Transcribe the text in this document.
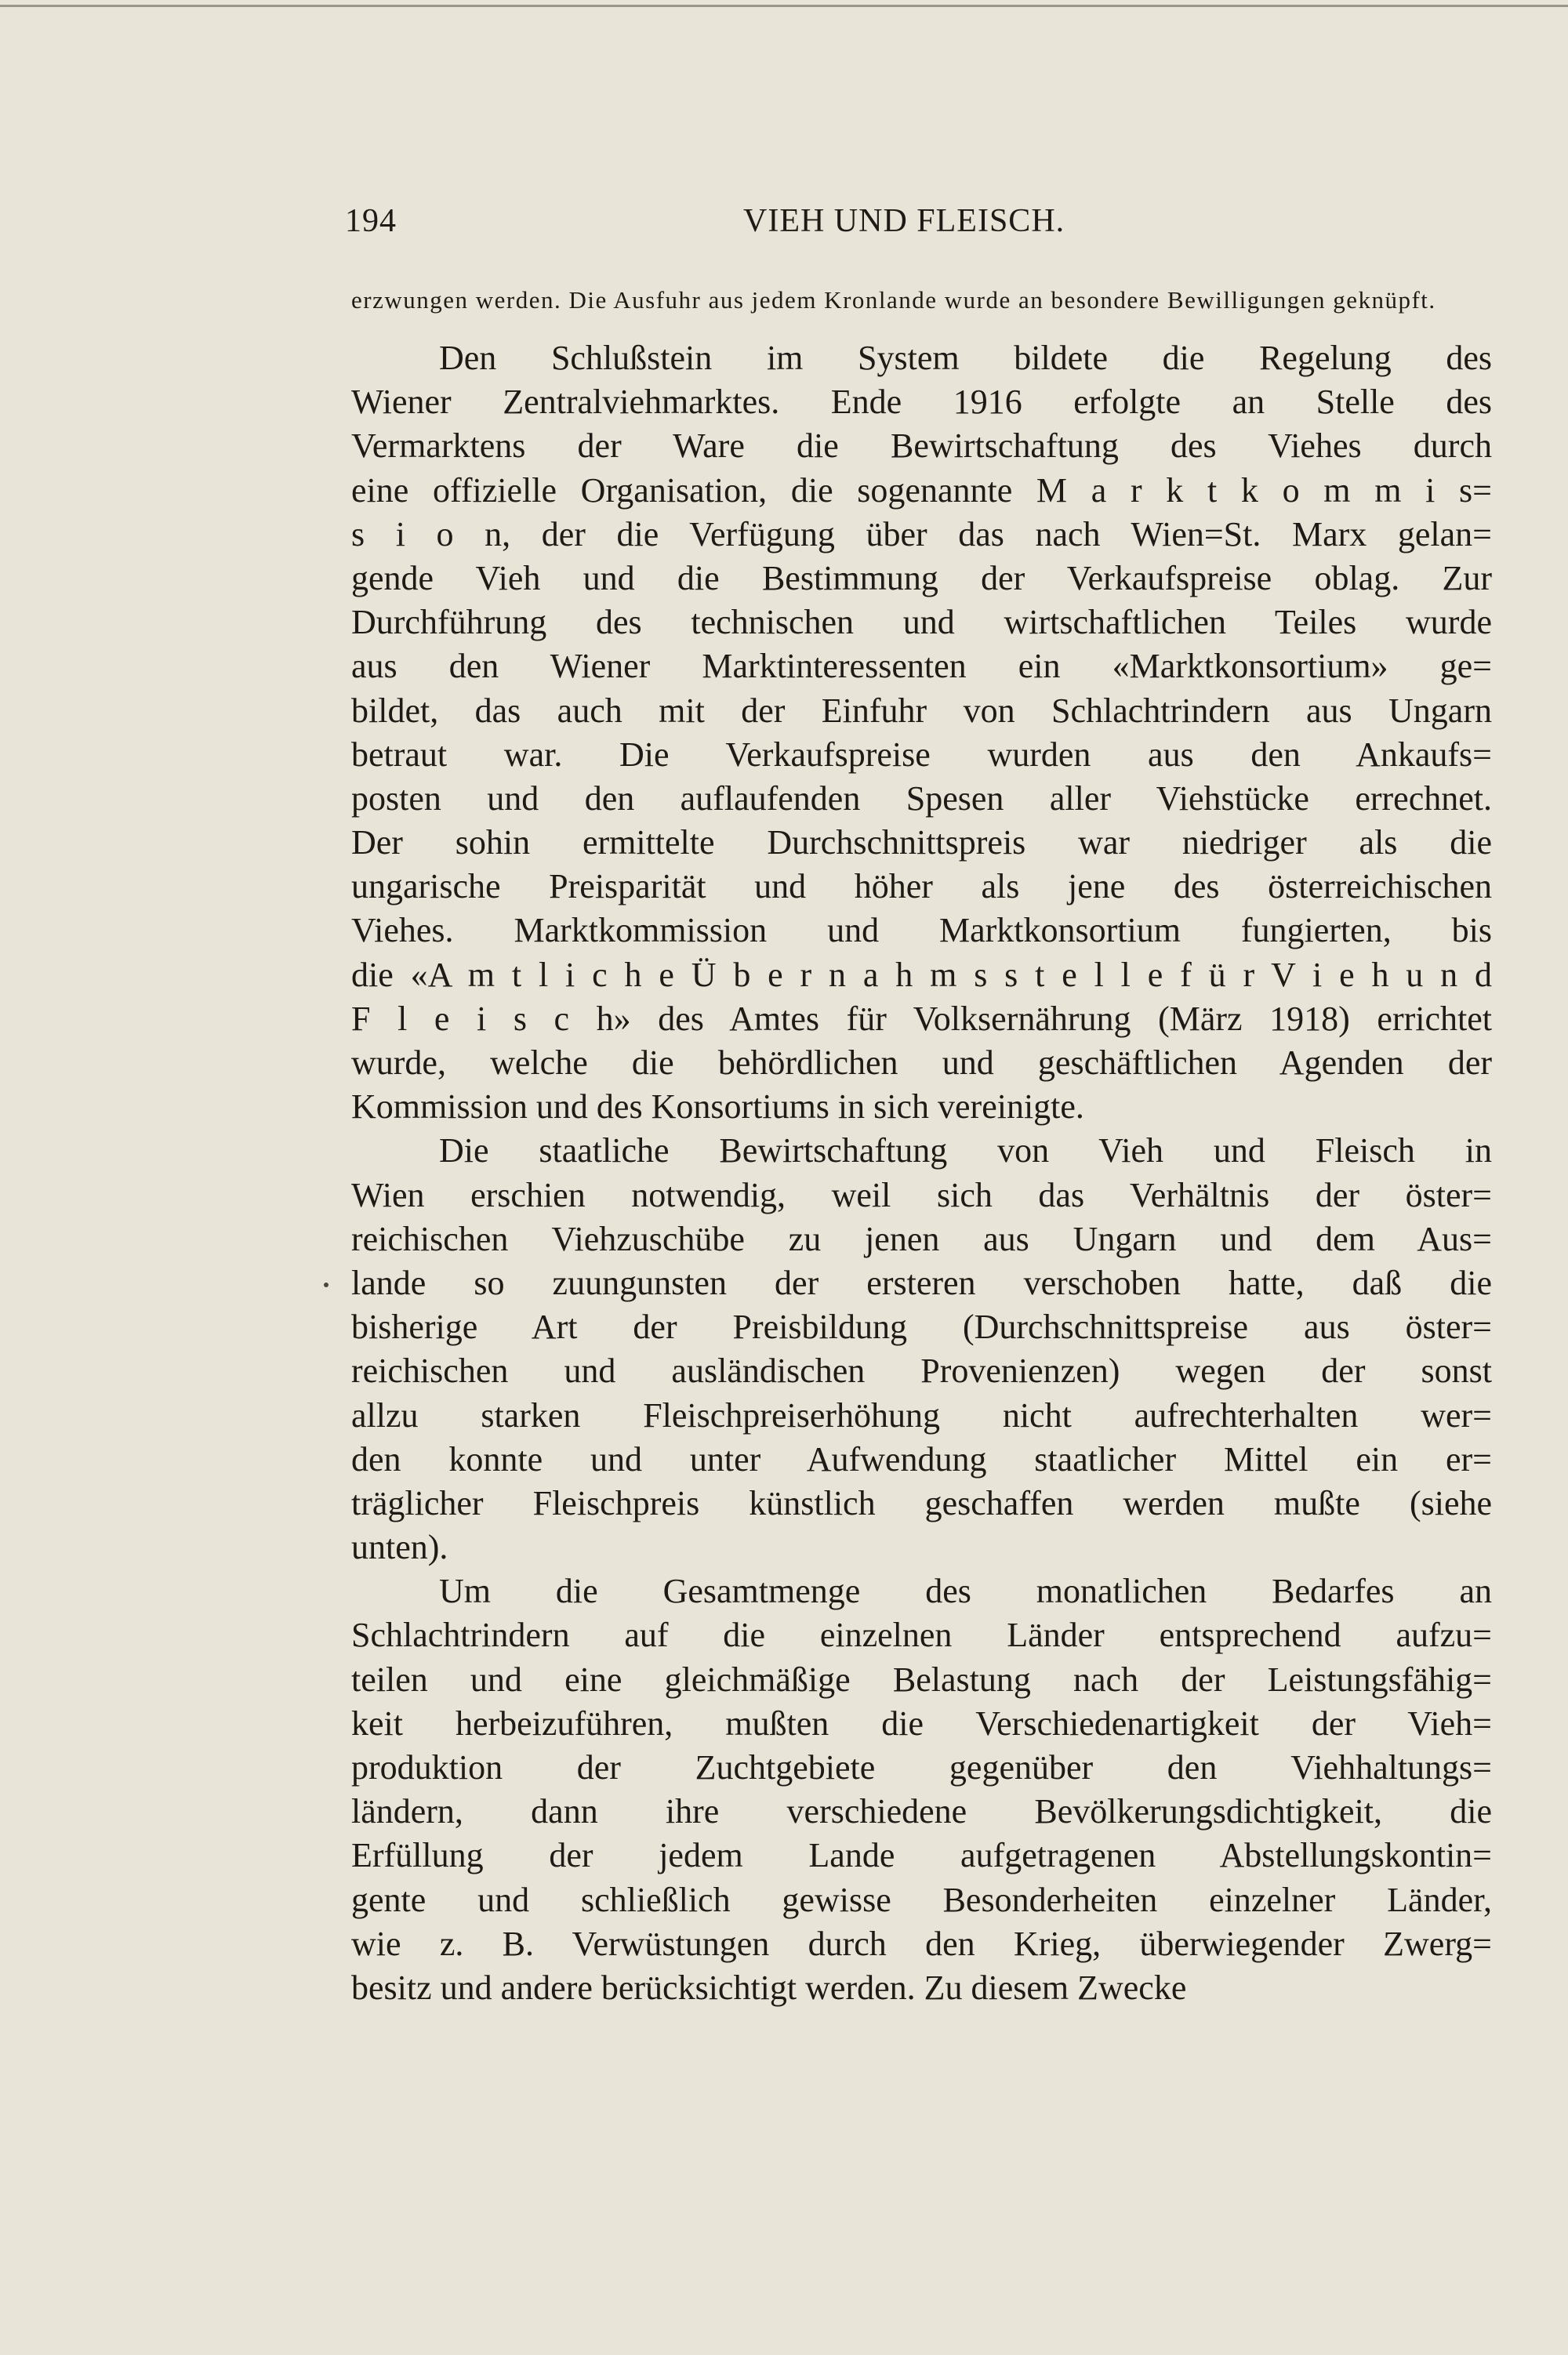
194	VIEH UND FLEISCH.

erzwungen werden. Die Ausfuhr aus jedem Kronlande wurde an besondere Bewilligungen geknüpft.

Den Schlußstein im System bildete die Regelung des
Wiener Zentralviehmarktes. Ende 1916 erfolgte an Stelle des
Vermarktens der Ware die Bewirtschaftung des Viehes durch
eine offizielle Organisation, die sogenannte M a r k t k o m m i s=
s i o n, der die Verfügung über das nach Wien=St. Marx gelan=
gende Vieh und die Bestimmung der Verkaufspreise oblag. Zur
Durchführung des technischen und wirtschaftlichen Teiles wurde
aus den Wiener Marktinteressenten ein «Marktkonsortium» ge=
bildet, das auch mit der Einfuhr von Schlachtrindern aus Ungarn
betraut war. Die Verkaufspreise wurden aus den Ankaufs=
posten und den auflaufenden Spesen aller Viehstücke errechnet.
Der sohin ermittelte Durchschnittspreis war niedriger als die
ungarische Preisparität und höher als jene des österreichischen
Viehes. Marktkommission und Marktkonsortium fungierten, bis
die «A m t l i c h e Ü b e r n a h m s s t e l l e f ü r V i e h u n d
F l e i s c h» des Amtes für Volksernährung (März 1918) errichtet
wurde, welche die behördlichen und geschäftlichen Agenden der
Kommission und des Konsortiums in sich vereinigte.
Die staatliche Bewirtschaftung von Vieh und Fleisch in
Wien erschien notwendig, weil sich das Verhältnis der öster=
reichischen Viehzuschübe zu jenen aus Ungarn und dem Aus=
lande so zuungunsten der ersteren verschoben hatte, daß die
bisherige Art der Preisbildung (Durchschnittspreise aus öster=
reichischen und ausländischen Provenienzen) wegen der sonst
allzu starken Fleischpreiserhöhung nicht aufrechterhalten wer=
den konnte und unter Aufwendung staatlicher Mittel ein er=
träglicher Fleischpreis künstlich geschaffen werden mußte (siehe
unten).
Um die Gesamtmenge des monatlichen Bedarfes an
Schlachtrindern auf die einzelnen Länder entsprechend aufzu=
teilen und eine gleichmäßige Belastung nach der Leistungsfähig=
keit herbeizuführen, mußten die Verschiedenartigkeit der Vieh=
produktion der Zuchtgebiete gegenüber den Viehhaltungs=
ländern, dann ihre verschiedene Bevölkerungsdichtigkeit, die
Erfüllung der jedem Lande aufgetragenen Abstellungskontin=
gente und schließlich gewisse Besonderheiten einzelner Länder,
wie z. B. Verwüstungen durch den Krieg, überwiegender Zwerg=
besitz und andere berücksichtigt werden. Zu diesem Zwecke
